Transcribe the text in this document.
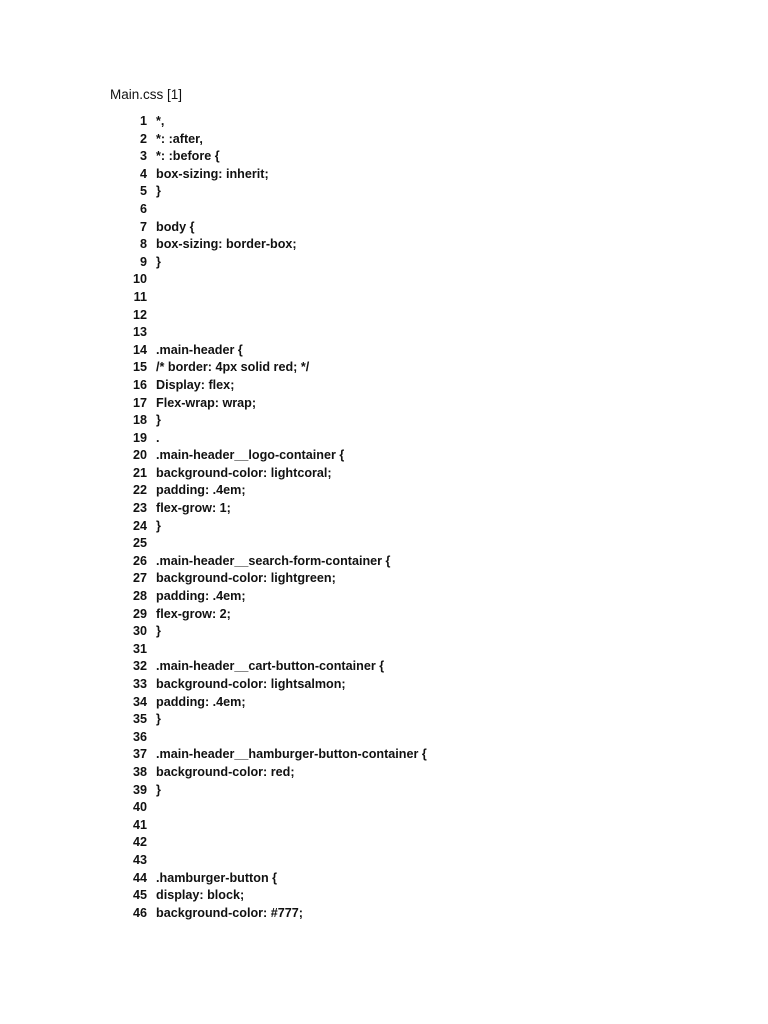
Main.css [1]
1 *,
2 *: :after,
3 *: :before {
4 box-sizing: inherit;
5 }
6
7 body {
8 box-sizing: border-box;
9 }
10
11
12
13
14 .main-header {
15 /* border: 4px solid red; */
16 Display: flex;
17 Flex-wrap: wrap;
18 }
19 .
20 .main-header__logo-container {
21 background-color: lightcoral;
22 padding: .4em;
23 flex-grow: 1;
24 }
25
26 .main-header__search-form-container {
27 background-color: lightgreen;
28 padding: .4em;
29 flex-grow: 2;
30 }
31
32 .main-header__cart-button-container {
33 background-color: lightsalmon;
34 padding: .4em;
35 }
36
37 .main-header__hamburger-button-container {
38 background-color: red;
39 }
40
41
42
43
44 .hamburger-button {
45 display: block;
46 background-color: #777;
